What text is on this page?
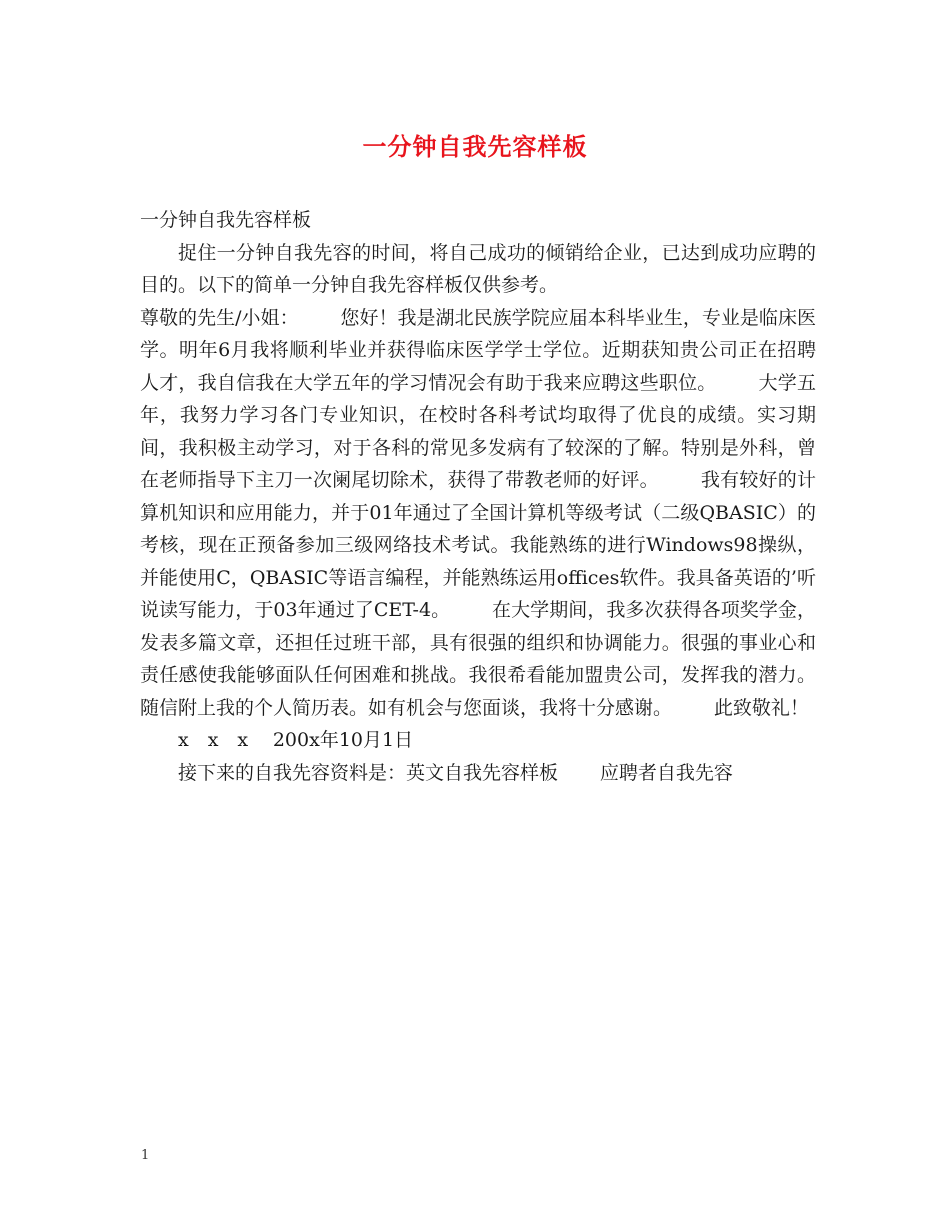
一分钟自我先容样板

一分钟自我先容样板

捉住一分钟自我先容的时间，将自己成功的倾销给企业，已达到成功应聘的目的。以下的简单一分钟自我先容样板仅供参考。

尊敬的先生/小姐： 您好！我是湖北民族学院应届本科毕业生，专业是临床医学。明年6月我将顺利毕业并获得临床医学学士学位。近期获知贵公司正在招聘人才，我自信我在大学五年的学习情况会有助于我来应聘这些职位。 大学五年，我努力学习各门专业知识，在校时各科考试均取得了优良的成绩。实习期间，我积极主动学习，对于各科的常见多发病有了较深的了解。特别是外科，曾在老师指导下主刀一次阑尾切除术，获得了带教老师的好评。 我有较好的计算机知识和应用能力，并于01年通过了全国计算机等级考试（二级QBASIC）的考核，现在正预备参加三级网络技术考试。我能熟练的进行Windows98操纵，并能使用C，QBASIC等语言编程，并能熟练运用offices软件。我具备英语的’听说读写能力，于03年通过了CET-4。 在大学期间，我多次获得各项奖学金，发表多篇文章，还担任过班干部，具有很强的组织和协调能力。很强的事业心和责任感使我能够面队任何困难和挑战。我很希看能加盟贵公司，发挥我的潜力。随信附上我的个人简历表。如有机会与您面谈，我将十分感谢。 此致敬礼！

x　x　x 200x年10月1日

接下来的自我先容资料是：英文自我先容样板 应聘者自我先容

1
